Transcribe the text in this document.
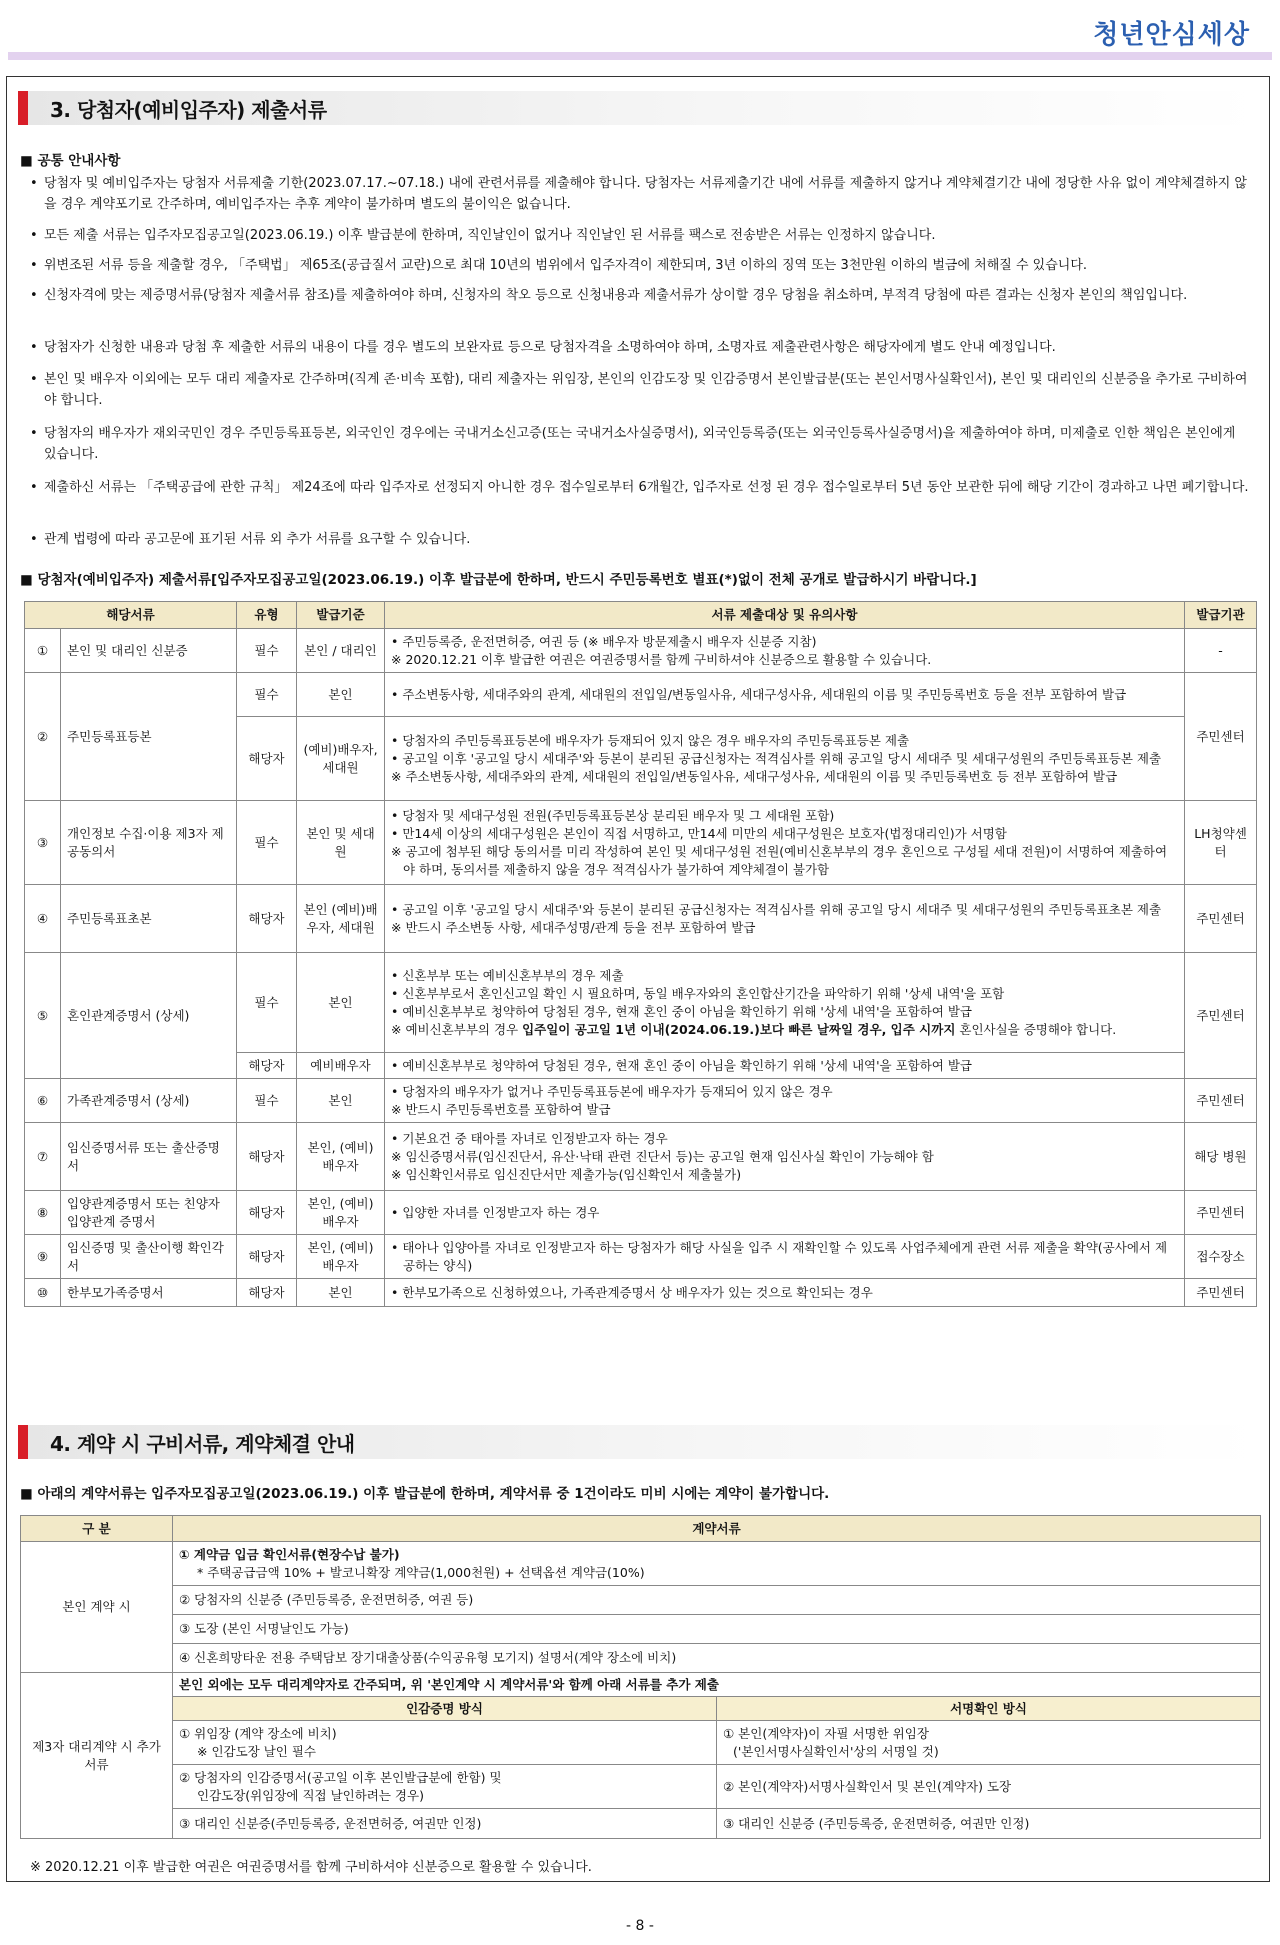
청년안심세상
3. 당첨자(예비입주자) 제출서류
■ 공통 안내사항
• 당첨자 및 예비입주자는 당첨자 서류제출 기한(2023.07.17.~07.18.) 내에 관련서류를 제출해야 합니다. 당첨자는 서류제출기간 내에 서류를 제출하지 않거나 계약체결기간 내에 정당한 사유 없이 계약체결하지 않을 경우 계약포기로 간주하며, 예비입주자는 추후 계약이 불가하며 별도의 불이익은 없습니다.
• 모든 제출 서류는 입주자모집공고일(2023.06.19.) 이후 발급분에 한하며, 직인날인이 없거나 직인날인 된 서류를 팩스로 전송받은 서류는 인정하지 않습니다.
• 위변조된 서류 등을 제출할 경우, 「주택법」 제65조(공급질서 교란)으로 최대 10년의 범위에서 입주자격이 제한되며, 3년 이하의 징역 또는 3천만원 이하의 벌금에 처해질 수 있습니다.
• 신청자격에 맞는 제증명서류(당첨자 제출서류 참조)를 제출하여야 하며, 신청자의 착오 등으로 신청내용과 제출서류가 상이할 경우 당첨을 취소하며, 부적격 당첨에 따른 결과는 신청자 본인의 책임입니다.
• 당첨자가 신청한 내용과 당첨 후 제출한 서류의 내용이 다를 경우 별도의 보완자료 등으로 당첨자격을 소명하여야 하며, 소명자료 제출관련사항은 해당자에게 별도 안내 예정입니다.
• 본인 및 배우자 이외에는 모두 대리 제출자로 간주하며(직계 존·비속 포함), 대리 제출자는 위임장, 본인의 인감도장 및 인감증명서 본인발급분(또는 본인서명사실확인서), 본인 및 대리인의 신분증을 추가로 구비하여야 합니다.
• 당첨자의 배우자가 재외국민인 경우 주민등록표등본, 외국인인 경우에는 국내거소신고증(또는 국내거소사실증명서), 외국인등록증(또는 외국인등록사실증명서)을 제출하여야 하며, 미제출로 인한 책임은 본인에게 있습니다.
• 제출하신 서류는 「주택공급에 관한 규칙」 제24조에 따라 입주자로 선정되지 아니한 경우 접수일로부터 6개월간, 입주자로 선정 된 경우 접수일로부터 5년 동안 보관한 뒤에 해당 기간이 경과하고 나면 폐기합니다.
• 관계 법령에 따라 공고문에 표기된 서류 외 추가 서류를 요구할 수 있습니다.
■ 당첨자(예비입주자) 제출서류[입주자모집공고일(2023.06.19.) 이후 발급분에 한하며, 반드시 주민등록번호 별표(*)없이 전체 공개로 발급하시기 바랍니다.]
해당서류		유형	발급기준	서류 제출대상 및 유의사항	발급기관
①	본인 및 대리인 신분증	필수	본인 / 대리인	• 주민등록증, 운전면허증, 여권 등 (※ 배우자 방문제출시 배우자 신분증 지참)
※ 2020.12.21 이후 발급한 여권은 여권증명서를 함께 구비하셔야 신분증으로 활용할 수 있습니다.	-
②	주민등록표등본	필수	본인	• 주소변동사항, 세대주와의 관계, 세대원의 전입일/변동일사유, 세대구성사유, 세대원의 이름 및 주민등록번호 등을 전부 포함하여 발급	주민센터
		해당자	(예비)배우자, 세대원	• 당첨자의 주민등록표등본에 배우자가 등재되어 있지 않은 경우 배우자의 주민등록표등본 제출
• 공고일 이후 '공고일 당시 세대주'와 등본이 분리된 공급신청자는 적격심사를 위해 공고일 당시 세대주 및 세대구성원의 주민등록표등본 제출
※ 주소변동사항, 세대주와의 관계, 세대원의 전입일/변동일사유, 세대구성사유, 세대원의 이름 및 주민등록번호 등 전부 포함하여 발급	

③	개인정보 수집·이용 제3자 제공동의서	필수	본인 및 세대원	• 당첨자 및 세대구성원 전원(주민등록표등본상 분리된 배우자 및 그 세대원 포함)
• 만14세 이상의 세대구성원은 본인이 직접 서명하고, 만14세 미만의 세대구성원은 보호자(법정대리인)가 서명함
※ 공고에 첨부된 해당 동의서를 미리 작성하여 본인 및 세대구성원 전원(예비신혼부부의 경우 혼인으로 구성될 세대 전원)이 서명하여 제출하여야 하며, 동의서를 제출하지 않을 경우 적격심사가 불가하여 계약체결이 불가함	LH청약센터
④	주민등록표초본	해당자	본인 (예비)배우자, 세대원	• 공고일 이후 '공고일 당시 세대주'와 등본이 분리된 공급신청자는 적격심사를 위해 공고일 당시 세대주 및 세대구성원의 주민등록표초본 제출
※ 반드시 주소변동 사항, 세대주성명/관계 등을 전부 포함하여 발급	주민센터
⑤	혼인관계증명서 (상세)	필수	본인	• 신혼부부 또는 예비신혼부부의 경우 제출
• 신혼부부로서 혼인신고일 확인 시 필요하며, 동일 배우자와의 혼인합산기간을 파악하기 위해 '상세 내역'을 포함
• 예비신혼부부로 청약하여 당첨된 경우, 현재 혼인 중이 아님을 확인하기 위해 '상세 내역'을 포함하여 발급
※ 예비신혼부부의 경우 입주일이 공고일 1년 이내(2024.06.19.)보다 빠른 날짜일 경우, 입주 시까지 혼인사실을 증명해야 합니다.	주민센터
		해당자	예비배우자	• 예비신혼부부로 청약하여 당첨된 경우, 현재 혼인 중이 아님을 확인하기 위해 '상세 내역'을 포함하여 발급	

⑥	가족관계증명서 (상세)	필수	본인	• 당첨자의 배우자가 없거나 주민등록표등본에 배우자가 등재되어 있지 않은 경우
※ 반드시 주민등록번호를 포함하여 발급	주민센터
⑦	임신증명서류 또는 출산증명서	해당자	본인, (예비)배우자	• 기본요건 중 태아를 자녀로 인정받고자 하는 경우
※ 임신증명서류(임신진단서, 유산·낙태 관련 진단서 등)는 공고일 현재 임신사실 확인이 가능해야 함
※ 임신확인서류로 임신진단서만 제출가능(임신확인서 제출불가)	해당 병원
⑧	입양관계증명서 또는 친양자 입양관계 증명서	해당자	본인, (예비)배우자	• 입양한 자녀를 인정받고자 하는 경우	주민센터
⑨	임신증명 및 출산이행 확인각서	해당자	본인, (예비)배우자	• 태아나 입양아를 자녀로 인정받고자 하는 당첨자가 해당 사실을 입주 시 재확인할 수 있도록 사업주체에게 관련 서류 제출을 확약(공사에서 제공하는 양식)	접수장소
⑩	한부모가족증명서	해당자	본인	• 한부모가족으로 신청하였으나, 가족관계증명서 상 배우자가 있는 것으로 확인되는 경우	주민센터
4. 계약 시 구비서류, 계약체결 안내
■ 아래의 계약서류는 입주자모집공고일(2023.06.19.) 이후 발급분에 한하며, 계약서류 중 1건이라도 미비 시에는 계약이 불가합니다.
구 분	계약서류	
본인 계약 시	① 계약금 입금 확인서류(현장수납 불가)
* 주택공급금액 10% + 발코니확장 계약금(1,000천원) + 선택옵션 계약금(10%)	

	② 당첨자의 신분증 (주민등록증, 운전면허증, 여권 등)	
	③ 도장 (본인 서명날인도 가능)	
	④ 신혼희망타운 전용 주택담보 장기대출상품(수익공유형 모기지) 설명서(계약 장소에 비치)	
제3자 대리계약 시 추가서류	본인 외에는 모두 대리계약자로 간주되며, 위 '본인계약 시 계약서류'와 함께 아래 서류를 추가 제출	
	인감증명 방식	서명확인 방식

	① 위임장 (계약 장소에 비치)
※ 인감도장 날인 필수	① 본인(계약자)이 자필 서명한 위임장
('본인서명사실확인서'상의 서명일 것)

	② 당첨자의 인감증명서(공고일 이후 본인발급분에 한함) 및
인감도장(위임장에 직접 날인하려는 경우)	② 본인(계약자)서명사실확인서 및 본인(계약자) 도장
	③ 대리인 신분증(주민등록증, 운전면허증, 여권만 인정)	③ 대리인 신분증 (주민등록증, 운전면허증, 여권만 인정)
※ 2020.12.21 이후 발급한 여권은 여권증명서를 함께 구비하셔야 신분증으로 활용할 수 있습니다.
- 8 -
